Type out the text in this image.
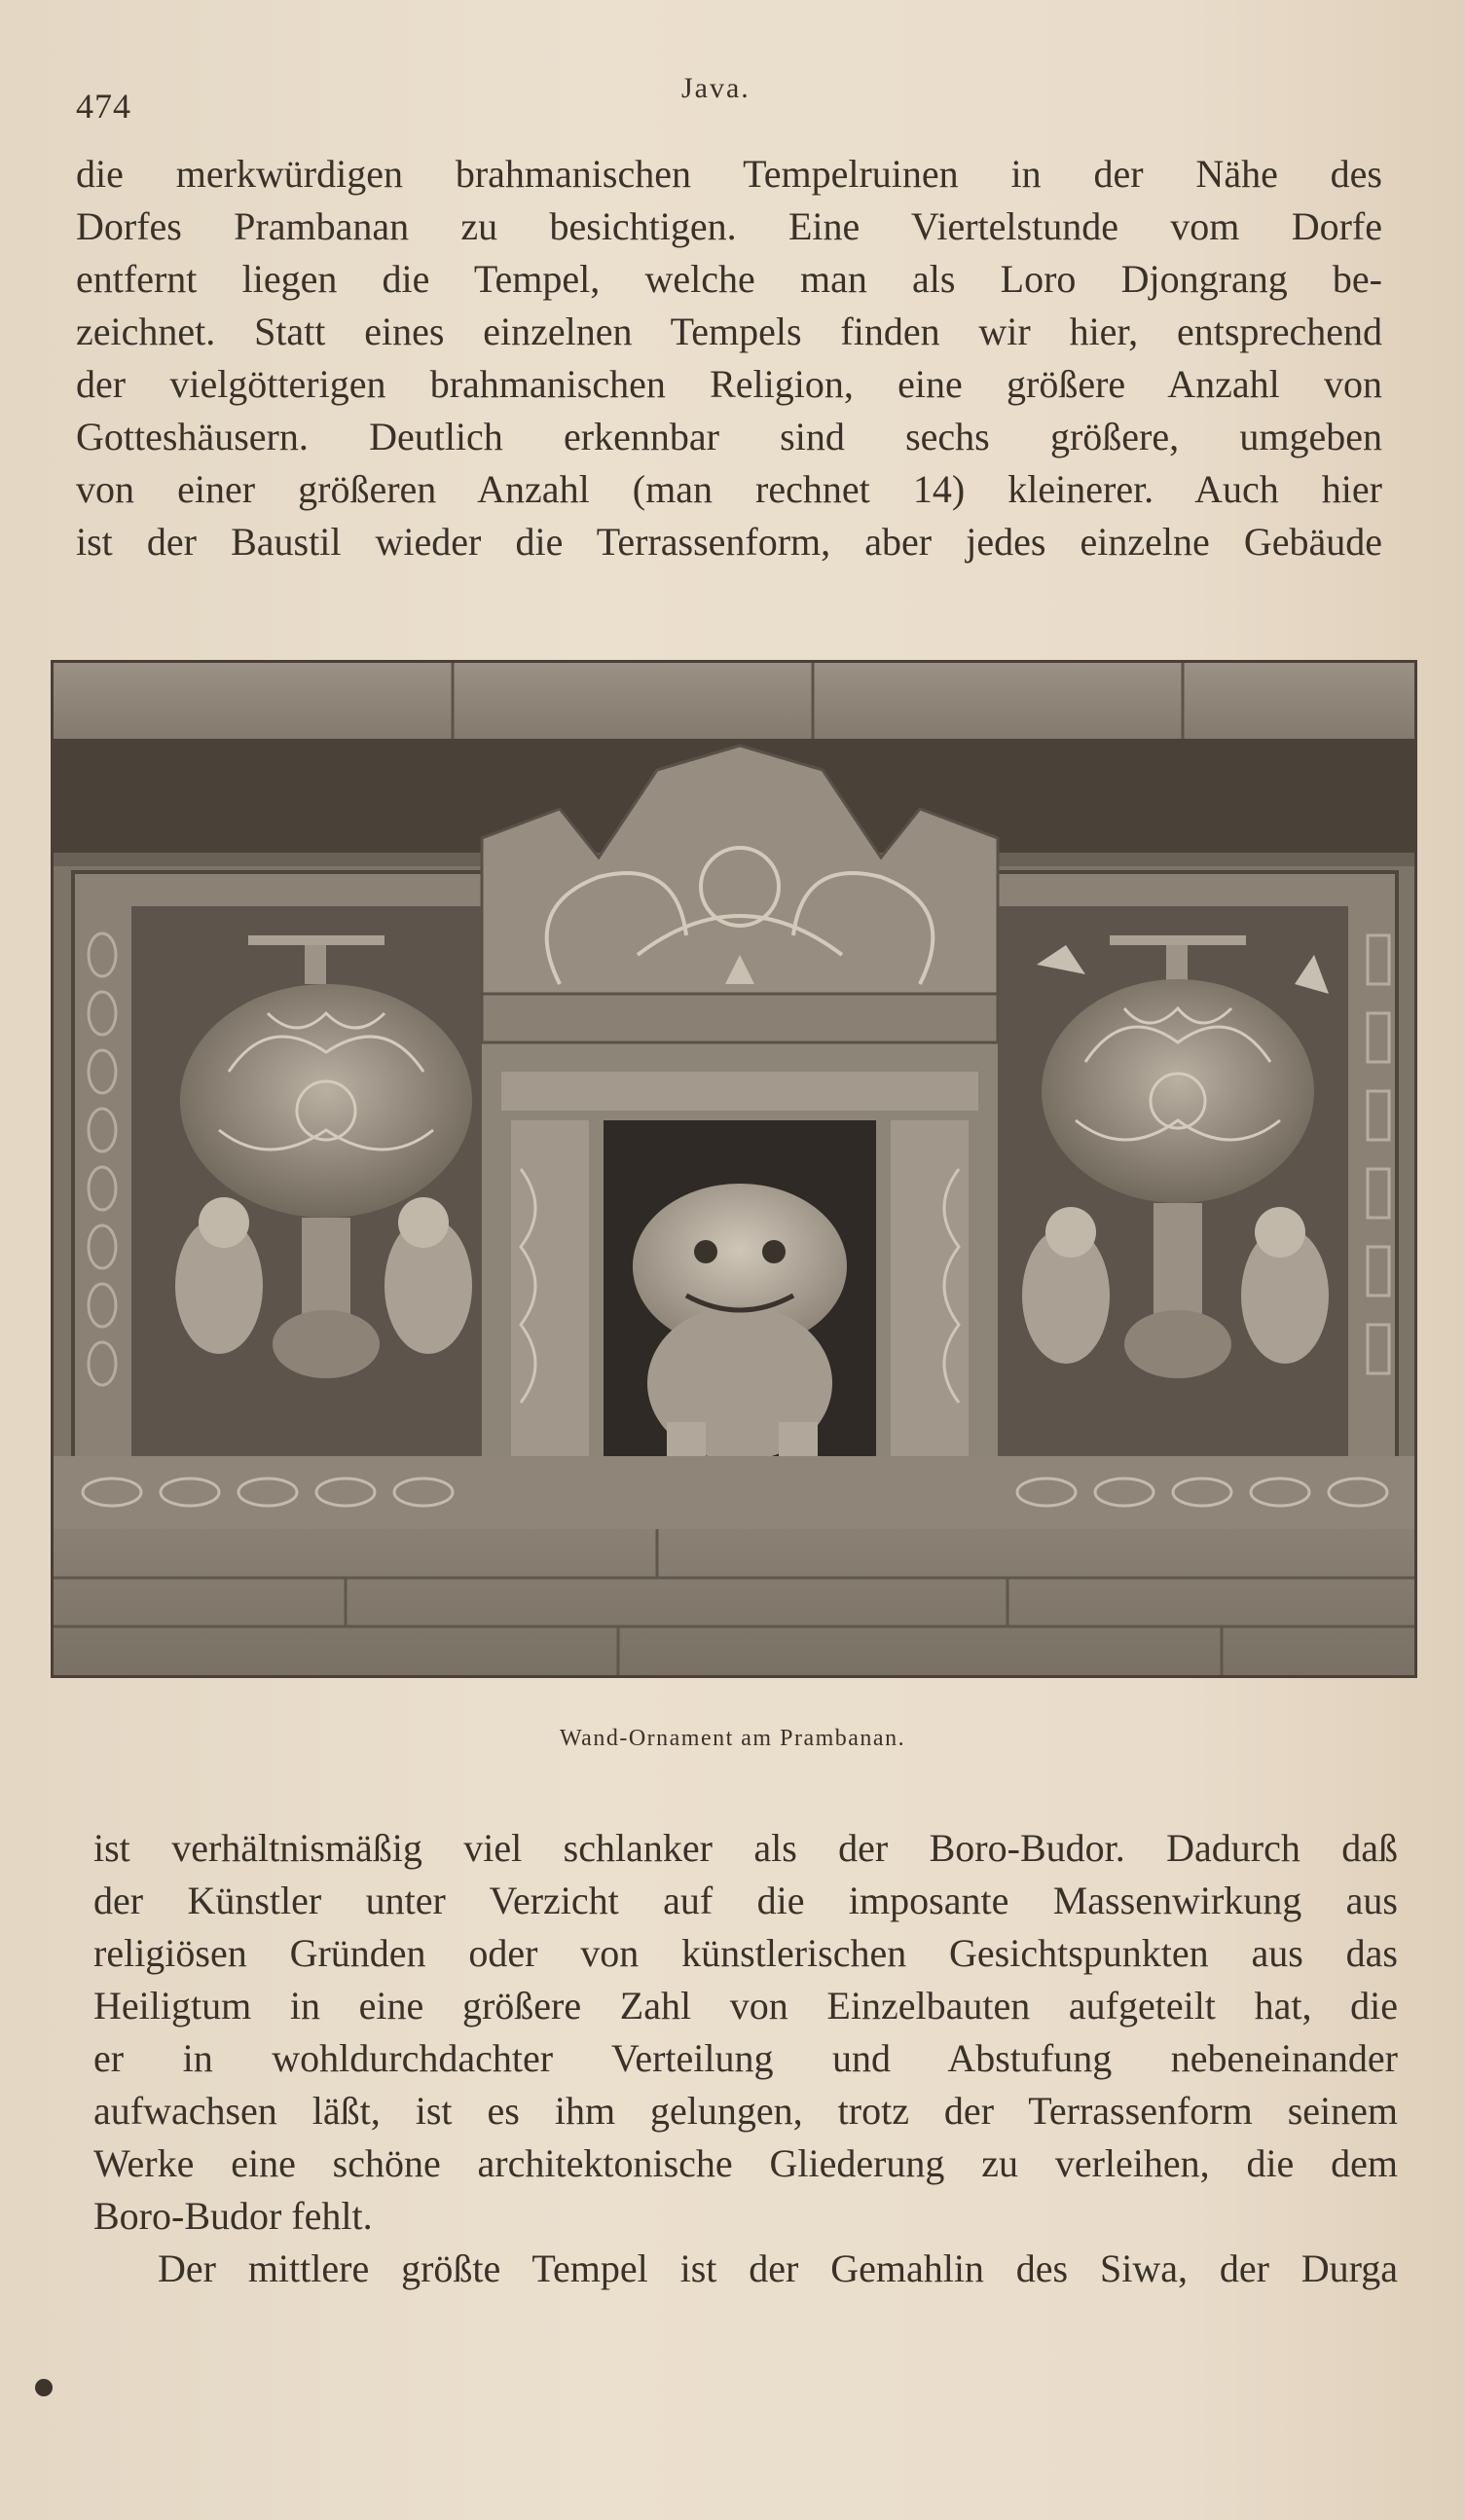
474	Java.
die merkwürdigen brahmanischen Tempelruinen in der Nähe des
Dorfes Prambanan zu besichtigen. Eine Viertelstunde vom Dorfe
entfernt liegen die Tempel, welche man als Loro Djongrang be-
zeichnet. Statt eines einzelnen Tempels finden wir hier, entsprechend
der vielgötterigen brahmanischen Religion, eine größere Anzahl von
Gotteshäusern. Deutlich erkennbar sind sechs größere, umgeben
von einer größeren Anzahl (man rechnet 14) kleinerer. Auch hier
ist der Baustil wieder die Terrassenform, aber jedes einzelne Gebäude
Wand-Ornament am Prambanan.
ist verhältnismäßig viel schlanker als der Boro-Budor. Dadurch daß
der Künstler unter Verzicht auf die imposante Massenwirkung aus
religiösen Gründen oder von künstlerischen Gesichtspunkten aus das
Heiligtum in eine größere Zahl von Einzelbauten aufgeteilt hat, die
er in wohldurchdachter Verteilung und Abstufung nebeneinander
aufwachsen läßt, ist es ihm gelungen, trotz der Terrassenform seinem
Werke eine schöne architektonische Gliederung zu verleihen, die dem
Boro-Budor fehlt.
Der mittlere größte Tempel ist der Gemahlin des Siwa, der Durga
